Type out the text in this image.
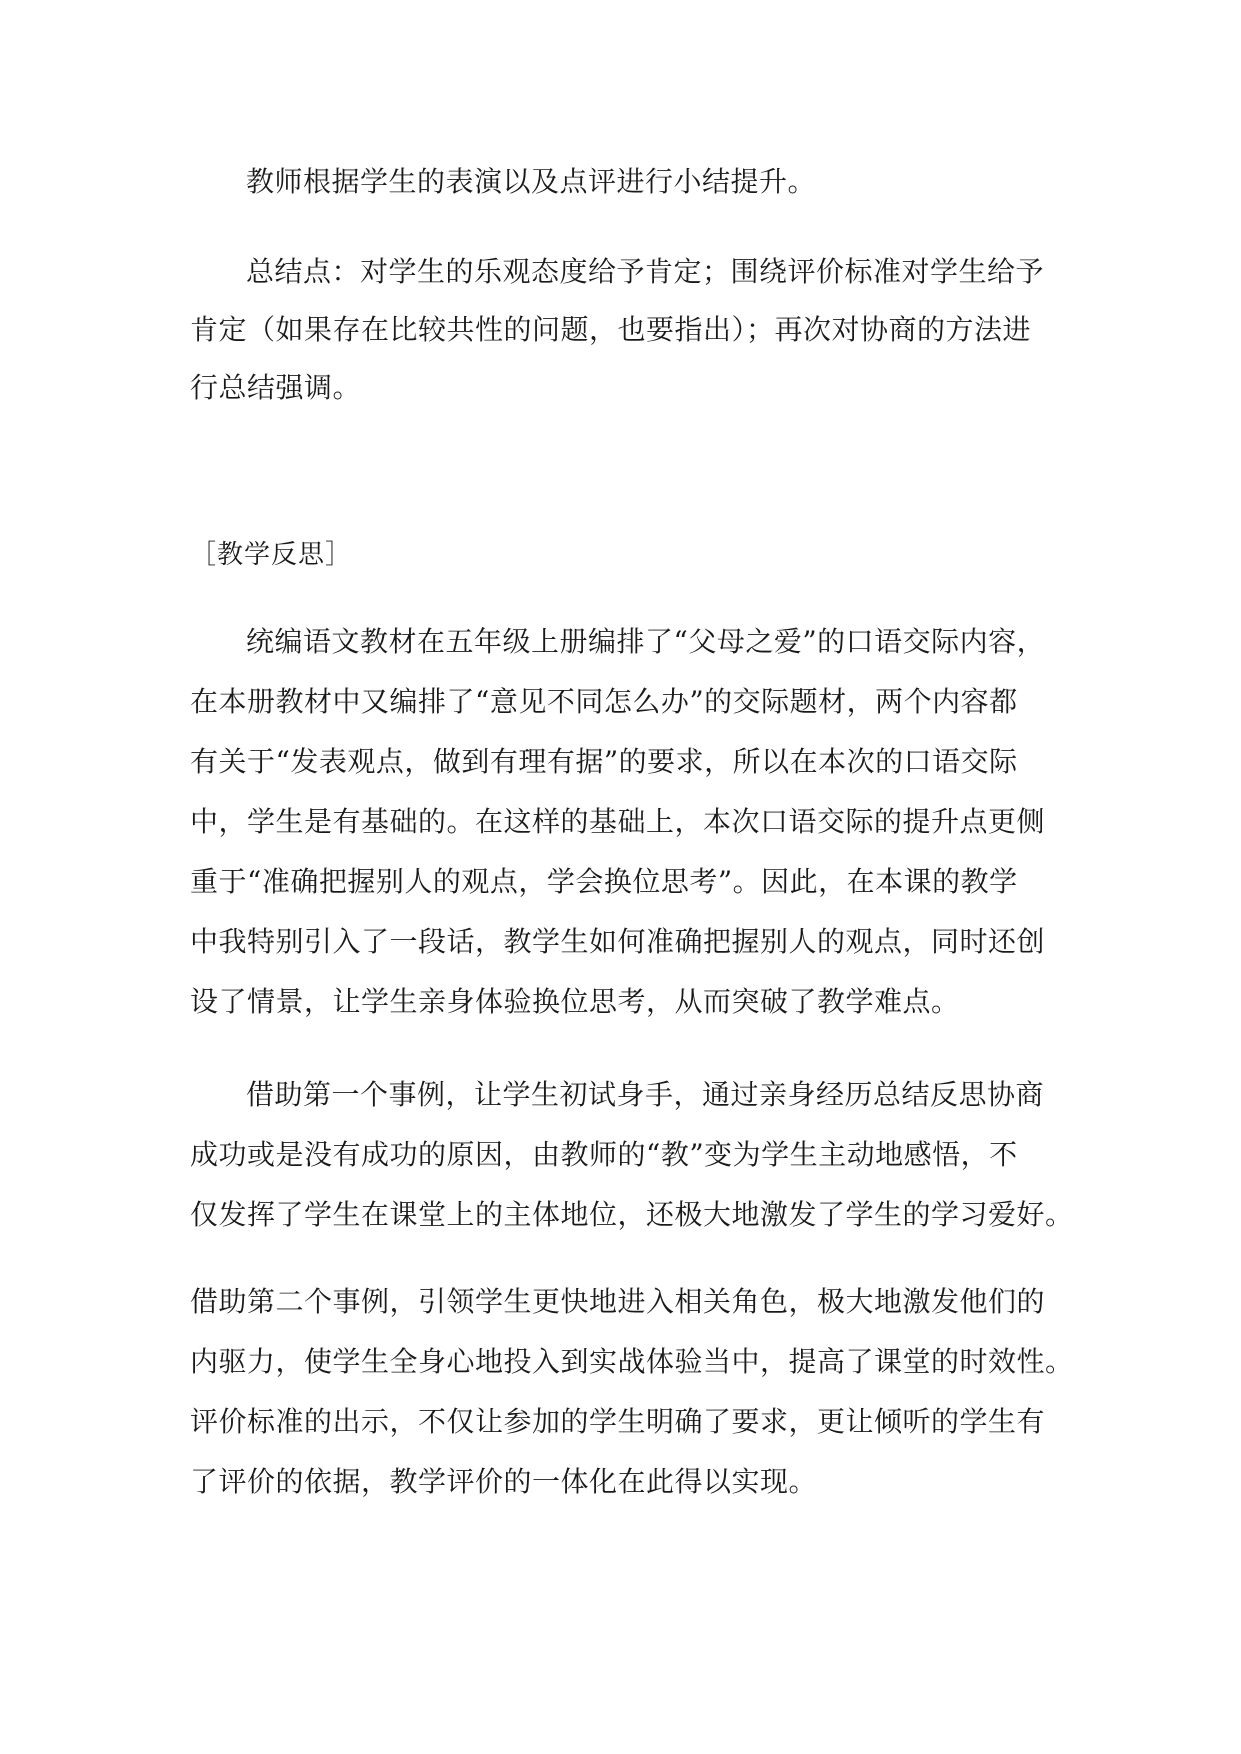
教师根据学生的表演以及点评进行小结提升。
总结点：对学生的乐观态度给予肯定；围绕评价标准对学生给予
肯定（如果存在比较共性的问题，也要指出）；再次对协商的方法进
行总结强调。
［教学反思］
统编语文教材在五年级上册编排了“父母之爱”的口语交际内容，
在本册教材中又编排了“意见不同怎么办”的交际题材，两个内容都
有关于“发表观点，做到有理有据”的要求，所以在本次的口语交际
中，学生是有基础的。在这样的基础上，本次口语交际的提升点更侧
重于“准确把握别人的观点，学会换位思考”。因此，在本课的教学
中我特别引入了一段话，教学生如何准确把握别人的观点，同时还创
设了情景，让学生亲身体验换位思考，从而突破了教学难点。
借助第一个事例，让学生初试身手，通过亲身经历总结反思协商
成功或是没有成功的原因，由教师的“教”变为学生主动地感悟，不
仅发挥了学生在课堂上的主体地位，还极大地激发了学生的学习爱好。
借助第二个事例，引领学生更快地进入相关角色，极大地激发他们的
内驱力，使学生全身心地投入到实战体验当中，提高了课堂的时效性。
评价标准的出示，不仅让参加的学生明确了要求，更让倾听的学生有
了评价的依据，教学评价的一体化在此得以实现。
